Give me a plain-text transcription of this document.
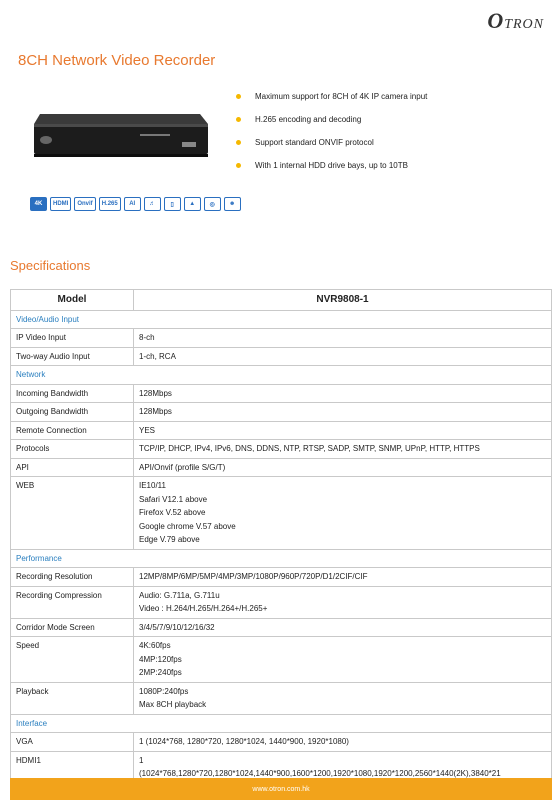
OTRON
8CH Network Video Recorder
Maximum support for 8CH of 4K IP camera input
H.265 encoding and decoding
Support standard ONVIF protocol
With 1 internal HDD drive bays, up to 10TB
4K	HDMI	Onvif	H.265	AI	♬	▯	▲	◎	☻
Specifications
Model	NVR9808-1
Video/Audio Input	
IP Video Input	8-ch

Two-way Audio Input	1-ch, RCA

Network	
Incoming Bandwidth	128Mbps

Outgoing Bandwidth	128Mbps

Remote Connection	YES

Protocols	TCP/IP, DHCP, IPv4, IPv6, DNS, DDNS, NTP, RTSP, SADP, SMTP, SNMP, UPnP, HTTP, HTTPS

API	API/Onvif (profile S/G/T)

WEB	IE10/11
Safari V12.1 above
Firefox V.52 above
Google chrome V.57 above
Edge V.79 above

Performance	
Recording Resolution	12MP/8MP/6MP/5MP/4MP/3MP/1080P/960P/720P/D1/2CIF/CIF

Recording Compression	Audio: G.711a, G.711u
Video : H.264/H.265/H.264+/H.265+

Corridor Mode Screen	3/4/5/7/9/10/12/16/32

Speed	4K:60fps
4MP:120fps
2MP:240fps

Playback	1080P:240fps
Max 8CH playback

Interface	
VGA	1 (1024*768, 1280*720, 1280*1024, 1440*900, 1920*1080)

HDMI1	1
(1024*768,1280*720,1280*1024,1440*900,1600*1200,1920*1080,1920*1200,2560*1440(2K),3840*21
www.otron.com.hk
